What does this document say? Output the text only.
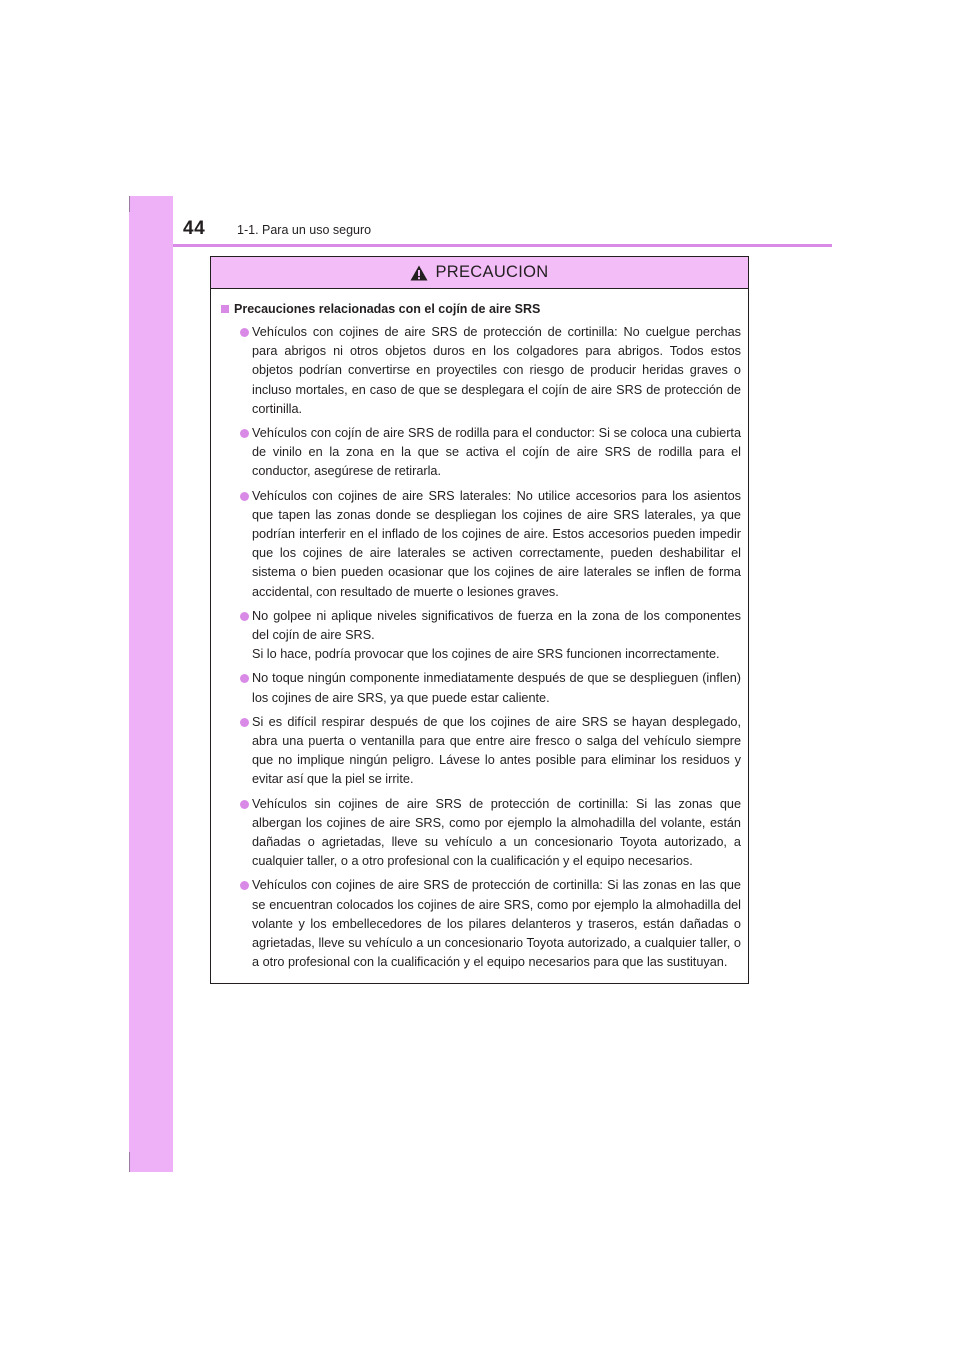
44	1-1. Para un uso seguro
PRECAUCION
Precauciones relacionadas con el cojín de aire SRS

Vehículos con cojines de aire SRS de protección de cortinilla: No cuelgue perchas para abrigos ni otros objetos duros en los colgadores para abrigos. Todos estos objetos podrían convertirse en proyectiles con riesgo de producir heridas graves o incluso mortales, en caso de que se desplegara el cojín de aire SRS de protección de cortinilla.

Vehículos con cojín de aire SRS de rodilla para el conductor: Si se coloca una cubierta de vinilo en la zona en la que se activa el cojín de aire SRS de rodilla para el conductor, asegúrese de retirarla.

Vehículos con cojines de aire SRS laterales: No utilice accesorios para los asientos que tapen las zonas donde se despliegan los cojines de aire SRS laterales, ya que podrían interferir en el inflado de los cojines de aire. Estos accesorios pueden impedir que los cojines de aire laterales se activen correctamente, pueden deshabilitar el sistema o bien pueden ocasionar que los cojines de aire laterales se inflen de forma accidental, con resultado de muerte o lesiones graves.

No golpee ni aplique niveles significativos de fuerza en la zona de los componentes del cojín de aire SRS.

Si lo hace, podría provocar que los cojines de aire SRS funcionen incorrectamente.

No toque ningún componente inmediatamente después de que se desplieguen (inflen) los cojines de aire SRS, ya que puede estar caliente.

Si es difícil respirar después de que los cojines de aire SRS se hayan desplegado, abra una puerta o ventanilla para que entre aire fresco o salga del vehículo siempre que no implique ningún peligro. Lávese lo antes posible para eliminar los residuos y evitar así que la piel se irrite.

Vehículos sin cojines de aire SRS de protección de cortinilla: Si las zonas que albergan los cojines de aire SRS, como por ejemplo la almohadilla del volante, están dañadas o agrietadas, lleve su vehículo a un concesionario Toyota autorizado, a cualquier taller, o a otro profesional con la cualificación y el equipo necesarios.

Vehículos con cojines de aire SRS de protección de cortinilla: Si las zonas en las que se encuentran colocados los cojines de aire SRS, como por ejemplo la almohadilla del volante y los embellecedores de los pilares delanteros y traseros, están dañadas o agrietadas, lleve su vehículo a un concesionario Toyota autorizado, a cualquier taller, o a otro profesional con la cualificación y el equipo necesarios para que las sustituyan.
